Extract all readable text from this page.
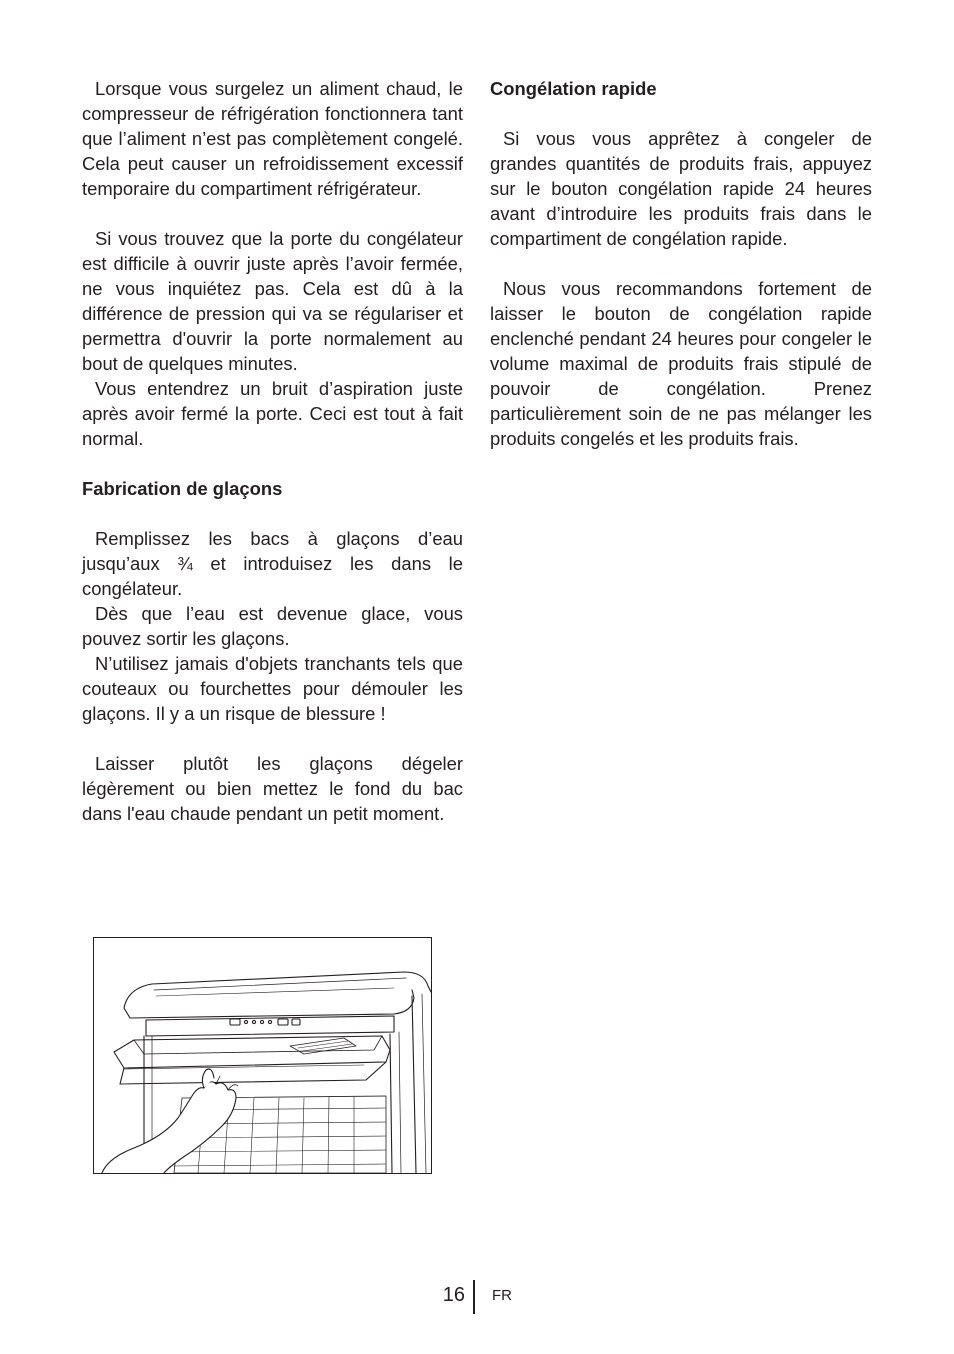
Lorsque vous surgelez un aliment chaud, le compresseur de réfrigération fonctionnera tant que l’aliment n’est pas complètement congelé. Cela peut causer un refroidissement excessif temporaire du compartiment réfrigérateur.

Si vous trouvez que la porte du congélateur est difficile à ouvrir juste après l’avoir fermée, ne vous inquiétez pas. Cela est dû à la différence de pression qui va se régulariser et permettra d'ouvrir la porte normalement au bout de quelques minutes.

Vous entendrez un bruit d’aspiration juste après avoir fermé la porte. Ceci est tout à fait normal.

Fabrication de glaçons

Remplissez les bacs à glaçons d’eau jusqu’aux ¾ et introduisez les dans le congélateur.

Dès que l’eau est devenue glace, vous pouvez sortir les glaçons.

N’utilisez jamais d'objets tranchants tels que couteaux ou fourchettes pour démouler les glaçons. Il y a un risque de blessure !

Laisser plutôt les glaçons dégeler légèrement ou bien mettez le fond du bac dans l'eau chaude pendant un petit moment.

Congélation rapide

Si vous vous apprêtez à congeler de grandes quantités de produits frais, appuyez sur le bouton congélation rapide 24 heures avant d’introduire les produits frais dans le compartiment de congélation rapide.

Nous vous recommandons fortement de laisser le bouton de congélation rapide enclenché pendant 24 heures pour congeler le volume maximal de produits frais stipulé de pouvoir de congélation. Prenez particulièrement soin de ne pas mélanger les produits congelés et les produits frais.

16 FR
